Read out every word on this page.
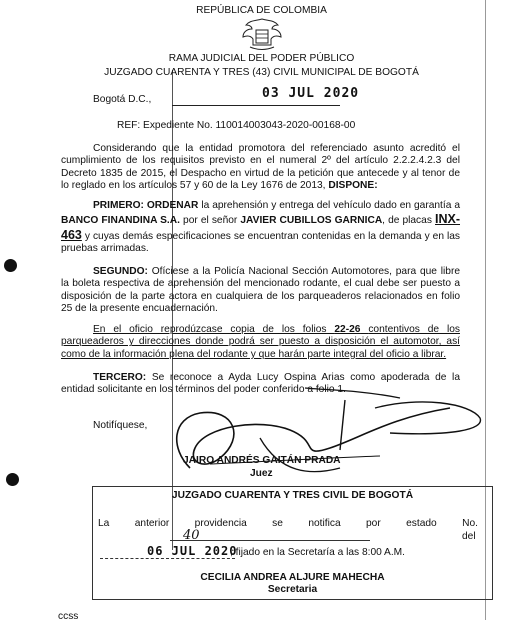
REPÚBLICA DE COLOMBIA
RAMA JUDICIAL DEL PODER PÚBLICO
JUZGADO CUARENTA Y TRES (43) CIVIL MUNICIPAL DE BOGOTÁ
Bogotá D.C.,	03 JUL 2020
REF: Expediente No. 110014003043-2020-00168-00
Considerando que la entidad promotora del referenciado asunto acreditó el cumplimiento de los requisitos previsto en el numeral 2º del artículo 2.2.2.4.2.3 del Decreto 1835 de 2015, el Despacho en virtud de la petición que antecede y al tenor de lo reglado en los artículos 57 y 60 de la Ley 1676 de 2013, DISPONE:
PRIMERO: ORDENAR la aprehensión y entrega del vehículo dado en garantía a BANCO FINANDINA S.A. por el señor JAVIER CUBILLOS GARNICA, de placas INX-463 y cuyas demás especificaciones se encuentran contenidas en la demanda y en las pruebas arrimadas.
SEGUNDO: Ofíciese a la Policía Nacional Sección Automotores, para que libre la boleta respectiva de aprehensión del mencionado rodante, el cual debe ser puesto a disposición de la parte actora en cualquiera de los parqueaderos relacionados en folio 25 de la presente encuadernación.
En el oficio reprodúzcase copia de los folios 22-26 contentivos de los parqueaderos y direcciones donde podrá ser puesto a disposición el automotor, así como de la información plena del rodante y que harán parte integral del oficio a librar.
TERCERO: Se reconoce a Ayda Lucy Ospina Arias como apoderada de la entidad solicitante en los términos del poder conferido a folio 1.
Notifíquese,
JAIRO ANDRÉS GAITÁN PRADA
Juez
JUZGADO CUARENTA Y TRES CIVIL DE BOGOTÁ
La anterior providencia se notifica por estado No.
40	del
06 JUL 2020
, fijado en la Secretaría a las 8:00 A.M.
CECILIA ANDREA ALJURE MAHECHA
Secretaria
ccss
